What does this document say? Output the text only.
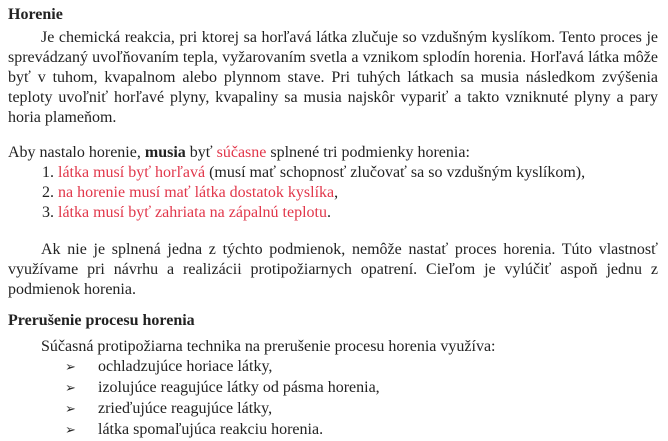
Horenie

Je chemická reakcia, pri ktorej sa horľavá látka zlučuje so vzdušným kyslíkom. Tento proces je sprevádzaný uvoľňovaním tepla, vyžarovaním svetla a vznikom splodín horenia. Horľavá látka môže byť v tuhom, kvapalnom alebo plynnom stave. Pri tuhých látkach sa musia následkom zvýšenia teploty uvoľniť horľavé plyny, kvapaliny sa musia najskôr vypariť a takto vzniknuté plyny a pary horia plameňom.

Aby nastalo horenie, musia byť súčasne splnené tri podmienky horenia:
1. látka musí byť horľavá (musí mať schopnosť zlučovať sa so vzdušným kyslíkom),
2. na horenie musí mať látka dostatok kyslíka,
3. látka musí byť zahriata na zápalnú teplotu.

Ak nie je splnená jedna z týchto podmienok, nemôže nastať proces horenia. Túto vlastnosť využívame pri návrhu a realizácii protipožiarnych opatrení. Cieľom je vylúčiť aspoň jednu z podmienok horenia.

Prerušenie procesu horenia
Súčasná protipožiarna technika na prerušenie procesu horenia využíva:
➢ ochladzujúce horiace látky,
➢ izolujúce reagujúce látky od pásma horenia,
➢ zrieďujúce reagujúce látky,
➢ látka spomaľujúca reakciu horenia.
